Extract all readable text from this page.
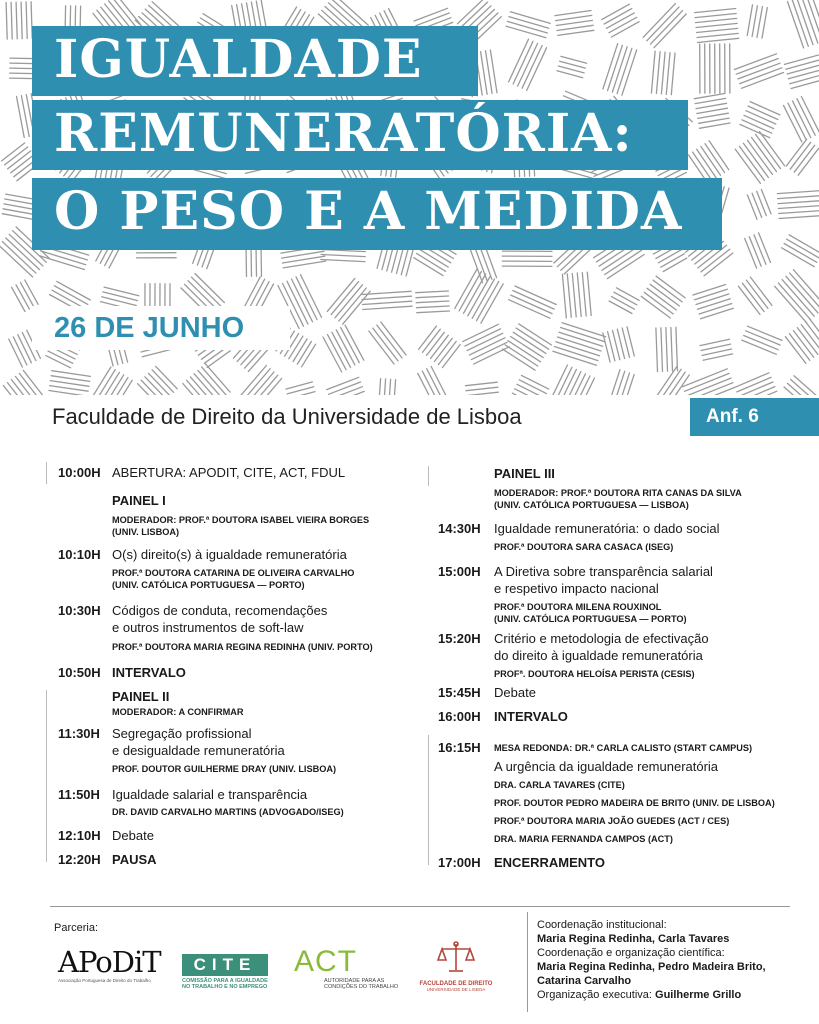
IGUALDADE
REMUNERATÓRIA:
O PESO E A MEDIDA
26 DE JUNHO
Faculdade de Direito da Universidade de Lisboa	Anf. 6
10:00H ABERTURA: APODIT, CITE, ACT, FDUL
PAINEL I
MODERADOR: PROF.ª DOUTORA ISABEL VIEIRA BORGES
(UNIV. LISBOA)
10:10H O(s) direito(s) à igualdade remuneratória
PROF.ª DOUTORA CATARINA DE OLIVEIRA CARVALHO
(UNIV. CATÓLICA PORTUGUESA — PORTO)
10:30H Códigos de conduta, recomendações
e outros instrumentos de soft-law
PROF.ª DOUTORA MARIA REGINA REDINHA (UNIV. PORTO)
10:50H INTERVALO
PAINEL II
MODERADOR: A CONFIRMAR
11:30H Segregação profissional
e desigualdade remuneratória
PROF. DOUTOR GUILHERME DRAY (UNIV. LISBOA)
11:50H Igualdade salarial e transparência
DR. DAVID CARVALHO MARTINS (ADVOGADO/ISEG)
12:10H Debate
12:20H PAUSA
PAINEL III
MODERADOR: PROF.ª DOUTORA RITA CANAS DA SILVA
(UNIV. CATÓLICA PORTUGUESA — LISBOA)
14:30H Igualdade remuneratória: o dado social
PROF.ª DOUTORA SARA CASACA (ISEG)
15:00H A Diretiva sobre transparência salarial
e respetivo impacto nacional
PROF.ª DOUTORA MILENA ROUXINOL
(UNIV. CATÓLICA PORTUGUESA — PORTO)
15:20H Critério e metodologia de efectivação
do direito à igualdade remuneratória
PROFª. DOUTORA HELOÍSA PERISTA (CESIS)
15:45H Debate
16:00H INTERVALO
16:15H MESA REDONDA: DR.ª CARLA CALISTO (START CAMPUS)
A urgência da igualdade remuneratória
DRA. CARLA TAVARES (CITE)
PROF. DOUTOR PEDRO MADEIRA DE BRITO (UNIV. DE LISBOA)
PROF.ª DOUTORA MARIA JOÃO GUEDES (ACT / CES)
DRA. MARIA FERNANDA CAMPOS (ACT)
17:00H ENCERRAMENTO
Parceria:
APoDiT
Associação Portuguesa de Direito do Trabalho
CITE
COMISSÃO PARA A IGUALDADE
NO TRABALHO E NO EMPREGO
ACT
AUTORIDADE PARA AS
CONDIÇÕES DO TRABALHO	FACULDADE DE DIREITO
UNIVERSIDADE DE LISBOA
Coordenação institucional:
Maria Regina Redinha, Carla Tavares
Coordenação e organização científica:
Maria Regina Redinha, Pedro Madeira Brito,
Catarina Carvalho
Organização executiva: Guilherme Grillo
